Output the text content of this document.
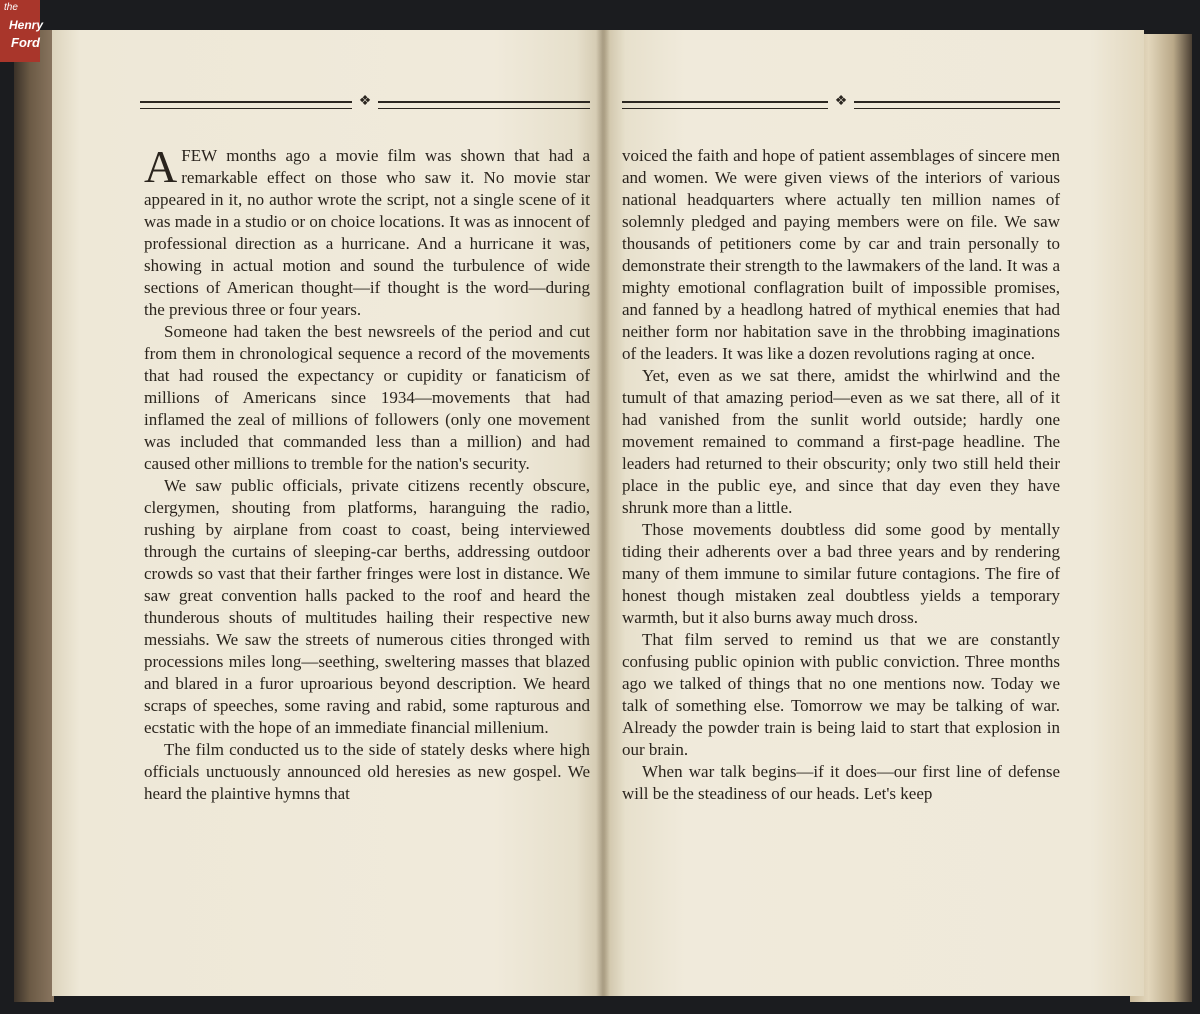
the
Henry
Ford
❖	❖

AFEW months ago a movie film was shown that had a remarkable effect on those who saw it. No movie star appeared in it, no author wrote the script, not a single scene of it was made in a studio or on choice locations. It was as innocent of professional direction as a hurricane. And a hurricane it was, showing in actual motion and sound the turbulence of wide sections of American thought—if thought is the word—during the previous three or four years.

Someone had taken the best newsreels of the period and cut from them in chronological sequence a record of the movements that had roused the expectancy or cupidity or fanaticism of millions of Americans since 1934—movements that had inflamed the zeal of millions of followers (only one movement was included that commanded less than a million) and had caused other millions to tremble for the nation's security.

We saw public officials, private citizens recently obscure, clergymen, shouting from platforms, haranguing the radio, rushing by airplane from coast to coast, being interviewed through the curtains of sleeping-car berths, addressing outdoor crowds so vast that their farther fringes were lost in distance. We saw great convention halls packed to the roof and heard the thunderous shouts of multitudes hailing their respective new messiahs. We saw the streets of numerous cities thronged with processions miles long—seething, sweltering masses that blazed and blared in a furor uproarious beyond description. We heard scraps of speeches, some raving and rabid, some rapturous and ecstatic with the hope of an immediate financial millenium.

The film conducted us to the side of stately desks where high officials unctuously announced old heresies as new gospel. We heard the plaintive hymns that

voiced the faith and hope of patient assemblages of sincere men and women. We were given views of the interiors of various national headquarters where actually ten million names of solemnly pledged and paying members were on file. We saw thousands of petitioners come by car and train personally to demonstrate their strength to the lawmakers of the land. It was a mighty emotional conflagration built of impossible promises, and fanned by a headlong hatred of mythical enemies that had neither form nor habitation save in the throbbing imaginations of the leaders. It was like a dozen revolutions raging at once.

Yet, even as we sat there, amidst the whirlwind and the tumult of that amazing period—even as we sat there, all of it had vanished from the sunlit world outside; hardly one movement remained to command a first-page headline. The leaders had returned to their obscurity; only two still held their place in the public eye, and since that day even they have shrunk more than a little.

Those movements doubtless did some good by mentally tiding their adherents over a bad three years and by rendering many of them immune to similar future contagions. The fire of honest though mistaken zeal doubtless yields a temporary warmth, but it also burns away much dross.

That film served to remind us that we are constantly confusing public opinion with public conviction. Three months ago we talked of things that no one mentions now. Today we talk of something else. Tomorrow we may be talking of war. Already the powder train is being laid to start that explosion in our brain.

When war talk begins—if it does—our first line of defense will be the steadiness of our heads. Let's keep
